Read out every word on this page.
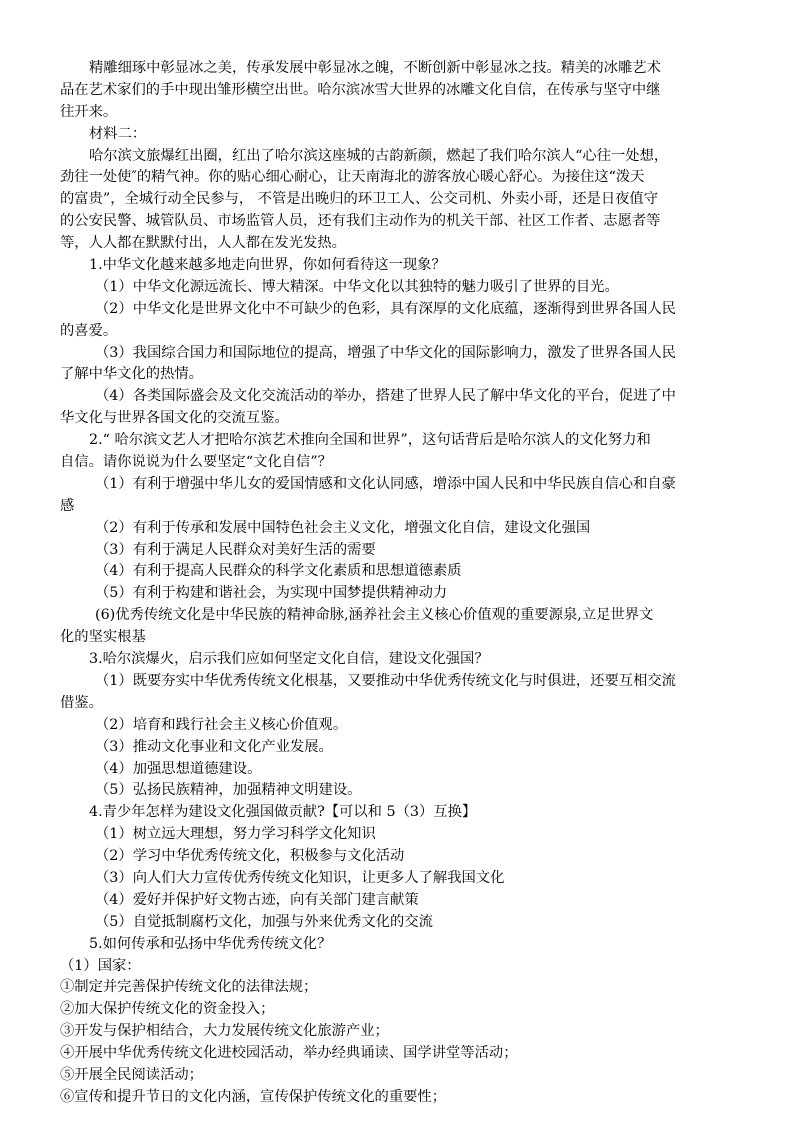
精雕细琢中彰显冰之美，传承发展中彰显冰之魄，不断创新中彰显冰之技。精美的冰雕艺术
品在艺术家们的手中现出雏形横空出世。哈尔滨冰雪大世界的冰雕文化自信，在传承与坚守中继
往开来。
材料二：
哈尔滨文旅爆红出圈，红出了哈尔滨这座城的古韵新颜，燃起了我们哈尔滨人“心往一处想，
劲往一处使″的精气神。你的贴心细心耐心，让天南海北的游客放心暖心舒心。为接住这“泼天
的富贵”，全城行动全民参与， 不管是出晚归的环卫工人、公交司机、外卖小哥，还是日夜值守
的公安民警、城管队员、市场监管人员，还有我们主动作为的机关干部、社区工作者、志愿者等
等，人人都在默默付出，人人都在发光发热。
1.中华文化越来越多地走向世界，你如何看待这一现象？
（1）中华文化源远流长、博大精深。中华文化以其独特的魅力吸引了世界的目光。
（2）中华文化是世界文化中不可缺少的色彩，具有深厚的文化底蕴，逐渐得到世界各国人民
的喜爱。
（3）我国综合国力和国际地位的提高，增强了中华文化的国际影响力，激发了世界各国人民
了解中华文化的热情。
（4）各类国际盛会及文化交流活动的举办，搭建了世界人民了解中华文化的平台，促进了中
华文化与世界各国文化的交流互鉴。
2.“ 哈尔滨文艺人才把哈尔滨艺术推向全国和世界”，这句话背后是哈尔滨人的文化努力和
自信。请你说说为什么要坚定“文化自信”？
（1）有利于增强中华儿女的爱国情感和文化认同感，增添中国人民和中华民族自信心和自豪
感
（2）有利于传承和发展中国特色社会主义文化，增强文化自信，建设文化强国
（3）有利于满足人民群众对美好生活的需要
（4）有利于提高人民群众的科学文化素质和思想道德素质
（5）有利于构建和谐社会，为实现中国梦提供精神动力
(6)优秀传统文化是中华民族的精神命脉,涵养社会主义核心价值观的重要源泉,立足世界文
化的坚实根基
3.哈尔滨爆火，启示我们应如何坚定文化自信，建设文化强国？
（1）既要夯实中华优秀传统文化根基，又要推动中华优秀传统文化与时俱进，还要互相交流
借鉴。
（2）培育和践行社会主义核心价值观。
（3）推动文化事业和文化产业发展。
（4）加强思想道德建设。
（5）弘扬民族精神，加强精神文明建设。
4.青少年怎样为建设文化强国做贡献?【可以和 5（3）互换】
（1）树立远大理想，努力学习科学文化知识
（2）学习中华优秀传统文化，积极参与文化活动
（3）向人们大力宣传优秀传统文化知识，让更多人了解我国文化
（4）爱好并保护好文物古迹，向有关部门建言献策
（5）自觉抵制腐朽文化，加强与外来优秀文化的交流
5.如何传承和弘扬中华优秀传统文化？
（1）国家：
①制定并完善保护传统文化的法律法规；
②加大保护传统文化的资金投入；
③开发与保护相结合，大力发展传统文化旅游产业；
④开展中华优秀传统文化进校园活动，举办经典诵读、国学讲堂等活动；
⑤开展全民阅读活动；
⑥宣传和提升节日的文化内涵，宣传保护传统文化的重要性；
